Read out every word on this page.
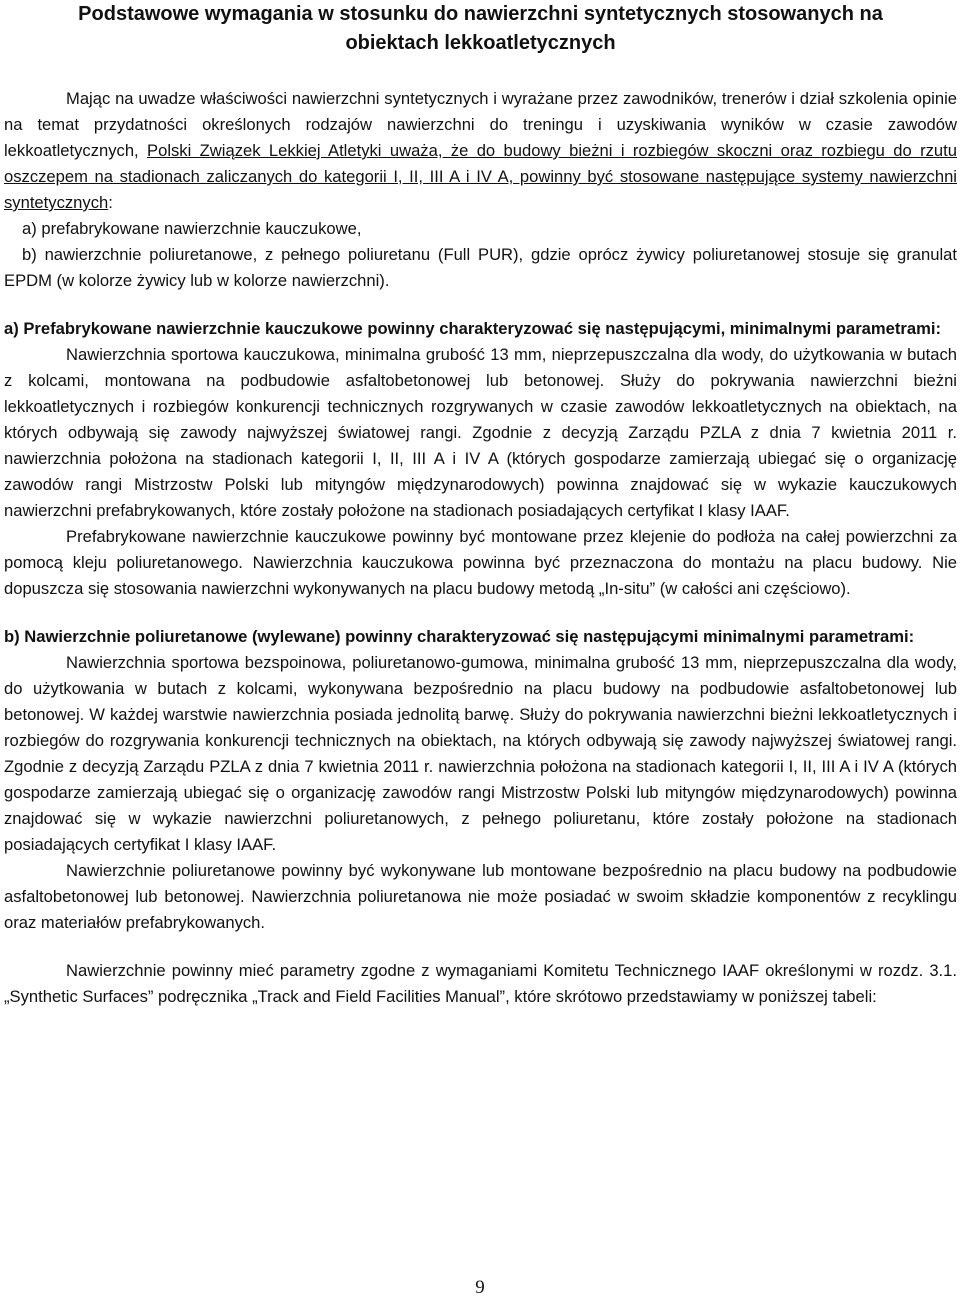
Podstawowe wymagania w stosunku do nawierzchni syntetycznych stosowanych na
obiektach lekkoatletycznych

Mając na uwadze właściwości nawierzchni syntetycznych i wyrażane przez zawodników, trenerów i dział szkolenia opinie na temat przydatności określonych rodzajów nawierzchni do treningu i uzyskiwania wyników w czasie zawodów lekkoatletycznych, Polski Związek Lekkiej Atletyki uważa, że do budowy bieżni i rozbiegów skoczni oraz rozbiegu do rzutu oszczepem na stadionach zaliczanych do kategorii I, II, III A i IV A, powinny być stosowane następujące systemy nawierzchni syntetycznych:

a) prefabrykowane nawierzchnie kauczukowe,

b) nawierzchnie poliuretanowe, z pełnego poliuretanu (Full PUR), gdzie oprócz żywicy poliuretanowej stosuje się granulat EPDM (w kolorze żywicy lub w kolorze nawierzchni).

a) Prefabrykowane nawierzchnie kauczukowe powinny charakteryzować się następującymi, minimalnymi parametrami:

Nawierzchnia sportowa kauczukowa, minimalna grubość 13 mm, nieprzepuszczalna dla wody, do użytkowania w butach z kolcami, montowana na podbudowie asfaltobetonowej lub betonowej. Służy do pokrywania nawierzchni bieżni lekkoatletycznych i rozbiegów konkurencji technicznych rozgrywanych w czasie zawodów lekkoatletycznych na obiektach, na których odbywają się zawody najwyższej światowej rangi. Zgodnie z decyzją Zarządu PZLA z dnia 7 kwietnia 2011 r. nawierzchnia położona na stadionach kategorii I, II, III A i IV A (których gospodarze zamierzają ubiegać się o organizację zawodów rangi Mistrzostw Polski lub mityngów międzynarodowych) powinna znajdować się w wykazie kauczukowych nawierzchni prefabrykowanych, które zostały położone na stadionach posiadających certyfikat I klasy IAAF.

Prefabrykowane nawierzchnie kauczukowe powinny być montowane przez klejenie do podłoża na całej powierzchni za pomocą kleju poliuretanowego. Nawierzchnia kauczukowa powinna być przeznaczona do montażu na placu budowy. Nie dopuszcza się stosowania nawierzchni wykonywanych na placu budowy metodą „In-situ” (w całości ani częściowo).

b) Nawierzchnie poliuretanowe (wylewane) powinny charakteryzować się następującymi minimalnymi parametrami:

Nawierzchnia sportowa bezspoinowa, poliuretanowo-gumowa, minimalna grubość 13 mm, nieprzepuszczalna dla wody, do użytkowania w butach z kolcami, wykonywana bezpośrednio na placu budowy na podbudowie asfaltobetonowej lub betonowej. W każdej warstwie nawierzchnia posiada jednolitą barwę. Służy do pokrywania nawierzchni bieżni lekkoatletycznych i rozbiegów do rozgrywania konkurencji technicznych na obiektach, na których odbywają się zawody najwyższej światowej rangi. Zgodnie z decyzją Zarządu PZLA z dnia 7 kwietnia 2011 r. nawierzchnia położona na stadionach kategorii I, II, III A i IV A (których gospodarze zamierzają ubiegać się o organizację zawodów rangi Mistrzostw Polski lub mityngów międzynarodowych) powinna znajdować się w wykazie nawierzchni poliuretanowych, z pełnego poliuretanu, które zostały położone na stadionach posiadających certyfikat I klasy IAAF.

Nawierzchnie poliuretanowe powinny być wykonywane lub montowane bezpośrednio na placu budowy na podbudowie asfaltobetonowej lub betonowej. Nawierzchnia poliuretanowa nie może posiadać w swoim składzie komponentów z recyklingu oraz materiałów prefabrykowanych.

Nawierzchnie powinny mieć parametry zgodne z wymaganiami Komitetu Technicznego IAAF określonymi w rozdz. 3.1. „Synthetic Surfaces” podręcznika „Track and Field Facilities Manual”, które skrótowo przedstawiamy w poniższej tabeli:

9
